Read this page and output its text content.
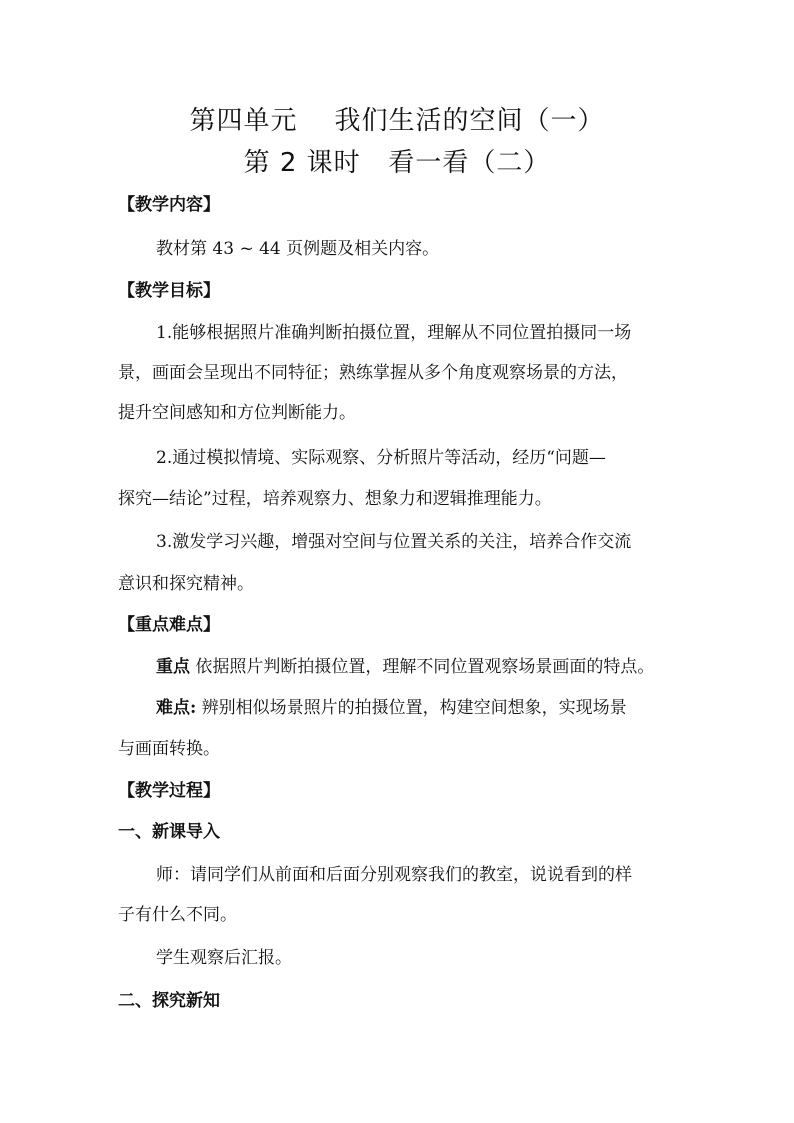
第四单元    我们生活的空间（一）
第 2 课时   看一看（二）
【教学内容】
教材第 43 ~ 44 页例题及相关内容。
【教学目标】
1.能够根据照片准确判断拍摄位置，理解从不同位置拍摄同一场
景，画面会呈现出不同特征；熟练掌握从多个角度观察场景的方法，
提升空间感知和方位判断能力。
2.通过模拟情境、实际观察、分析照片等活动，经历“问题—
探究—结论”过程，培养观察力、想象力和逻辑推理能力。
3.激发学习兴趣，增强对空间与位置关系的关注，培养合作交流
意识和探究精神。
【重点难点】
重点 依据照片判断拍摄位置，理解不同位置观察场景画面的特点。
难点: 辨别相似场景照片的拍摄位置，构建空间想象，实现场景
与画面转换。
【教学过程】
一、新课导入
师：请同学们从前面和后面分别观察我们的教室，说说看到的样
子有什么不同。
学生观察后汇报。
二、探究新知
